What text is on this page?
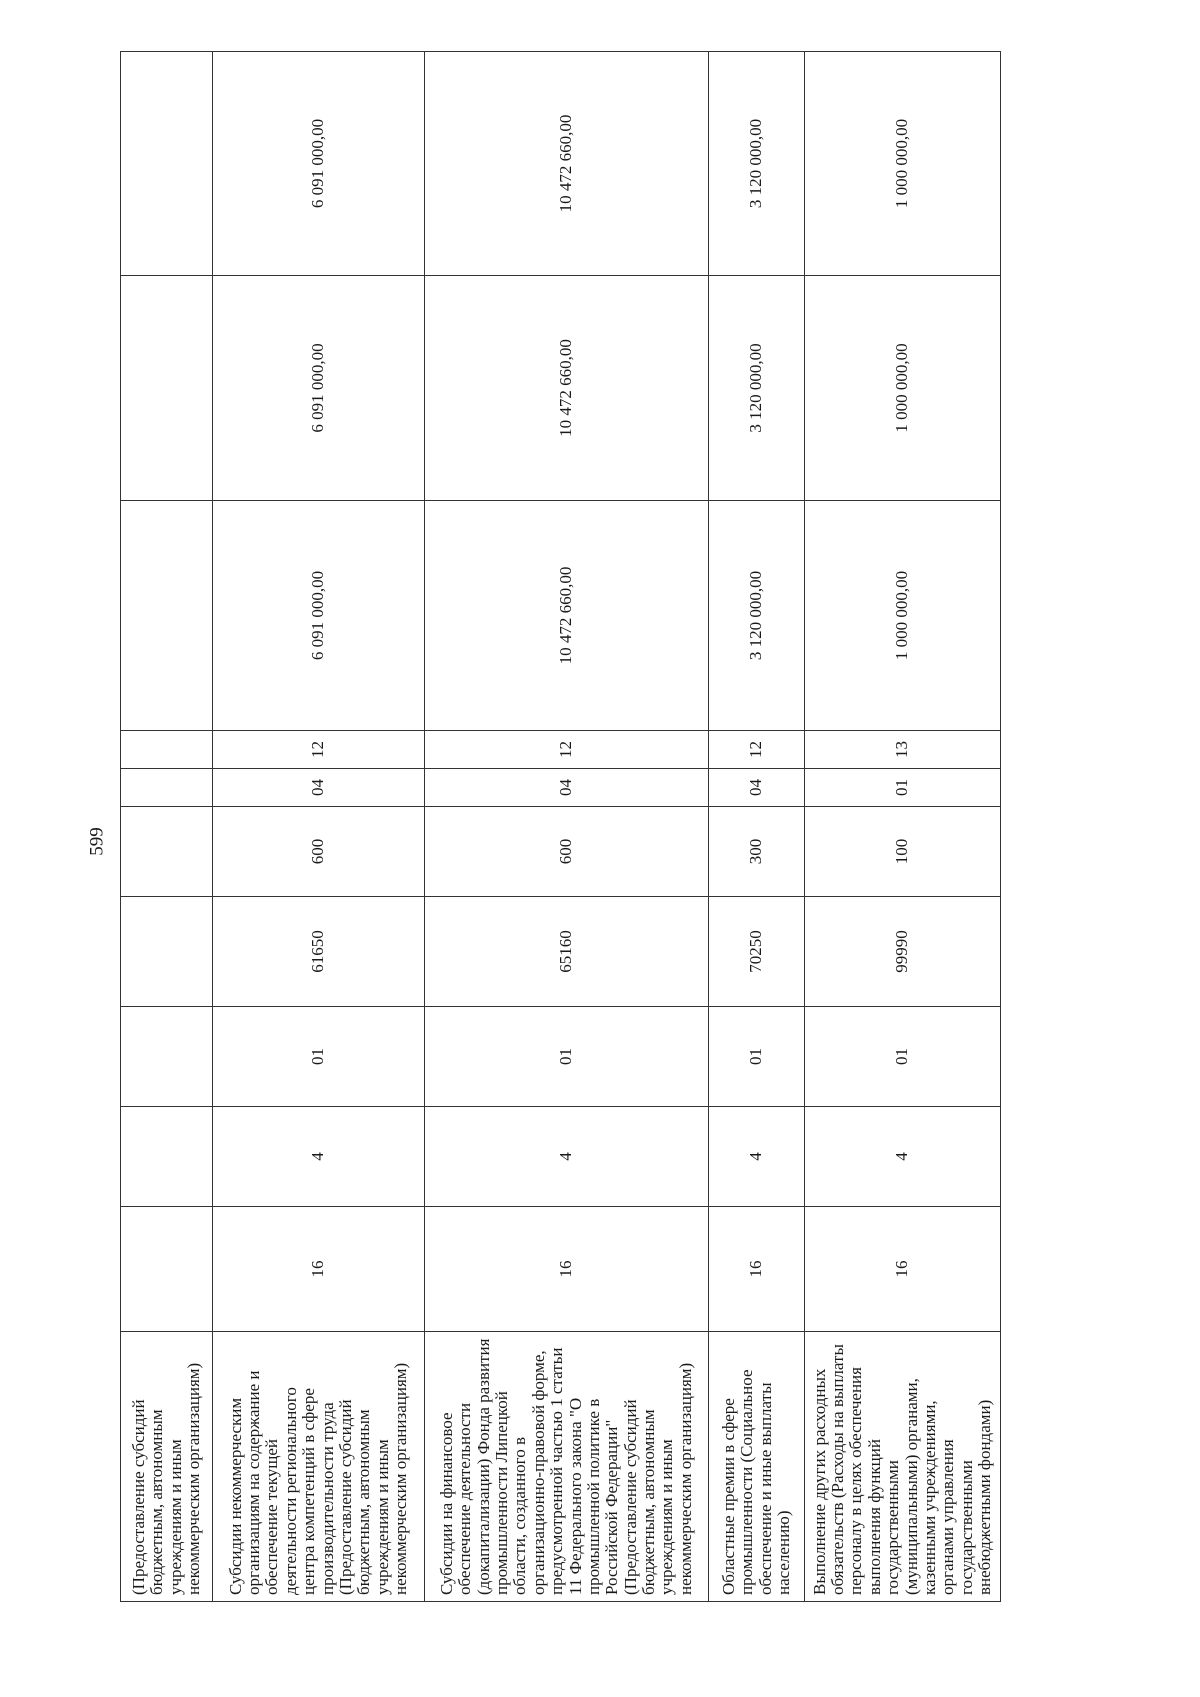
599
(Предоставление субсидий бюджетным, автономным учреждениям и иным некоммерческим организациям)										
Субсидии некоммерческим организациям на содержание и обеспечение текущей деятельности регионального центра компетенций в сфере производительности труда (Предоставление субсидий бюджетным, автономным учреждениям и иным некоммерческим организациям)	16	4	01	61650	600	04	12	6 091 000,00	6 091 000,00	6 091 000,00
Субсидии на финансовое обеспечение деятельности (докапитализации) Фонда развития промышленности Липецкой области, созданного в организационно-правовой форме, предусмотренной частью 1 статьи 11 Федерального закона "О промышленной политике в Российской Федерации" (Предоставление субсидий бюджетным, автономным учреждениям и иным некоммерческим организациям)	16	4	01	65160	600	04	12	10 472 660,00	10 472 660,00	10 472 660,00
Областные премии в сфере промышленности (Социальное обеспечение и иные выплаты населению)	16	4	01	70250	300	04	12	3 120 000,00	3 120 000,00	3 120 000,00
Выполнение других расходных обязательств (Расходы на выплаты персоналу в целях обеспечения выполнения функций государственными (муниципальными) органами, казенными учреждениями, органами управления государственными внебюджетными фондами)	16	4	01	99990	100	01	13	1 000 000,00	1 000 000,00	1 000 000,00
